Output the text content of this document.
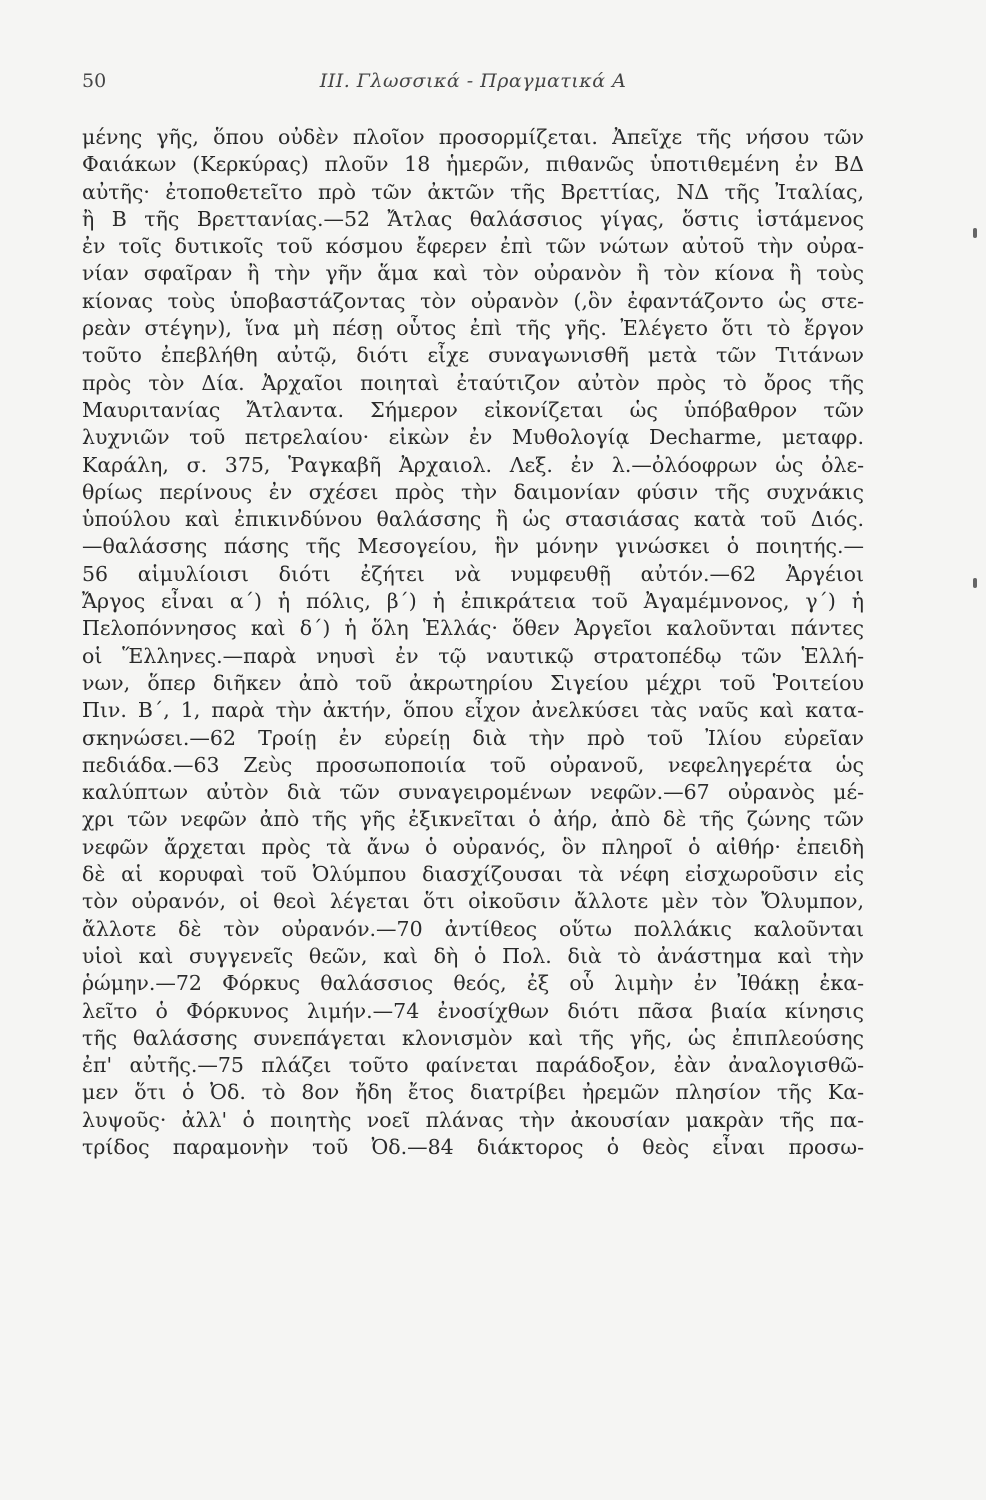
50	ΙΙΙ. Γλωσσικά - Πραγματικά Α
μένης γῆς, ὅπου οὐδὲν πλοῖον προσορμίζεται. Ἀπεῖχε τῆς νήσου τῶν
Φαιάκων (Κερκύρας) πλοῦν 18 ἡμερῶν, πιθανῶς ὑποτιθεμένη ἐν ΒΔ
αὐτῆς· ἐτοποθετεῖτο πρὸ τῶν ἀκτῶν τῆς Βρεττίας, ΝΔ τῆς Ἰταλίας,
ἢ Β τῆς Βρεττανίας.—52 Ἄτλας θαλάσσιος γίγας, ὅστις ἱστάμενος
ἐν τοῖς δυτικοῖς τοῦ κόσμου ἔφερεν ἐπὶ τῶν νώτων αὐτοῦ τὴν οὐρα-
νίαν σφαῖραν ἢ τὴν γῆν ἅμα καὶ τὸν οὐρανὸν ἢ τὸν κίονα ἢ τοὺς
κίονας τοὺς ὑποβαστάζοντας τὸν οὐρανὸν (,ὃν ἐφαντάζοντο ὡς στε-
ρεὰν στέγην), ἵνα μὴ πέσῃ οὗτος ἐπὶ τῆς γῆς. Ἐλέγετο ὅτι τὸ ἔργον
τοῦτο ἐπεβλήθη αὐτῷ, διότι εἶχε συναγωνισθῆ μετὰ τῶν Τιτάνων
πρὸς τὸν Δία. Ἀρχαῖοι ποιηταὶ ἐταύτιζον αὐτὸν πρὸς τὸ ὄρος τῆς
Μαυριτανίας Ἄτλαντα. Σήμερον εἰκονίζεται ὡς ὑπόβαθρον τῶν
λυχνιῶν τοῦ πετρελαίου· εἰκὼν ἐν Μυθολογίᾳ Decharme, μεταφρ.
Καράλη, σ. 375, Ῥαγκαβῆ Ἀρχαιολ. Λεξ. ἐν λ.—ὀλόοφρων ὡς ὀλε-
θρίως περίνους ἐν σχέσει πρὸς τὴν δαιμονίαν φύσιν τῆς συχνάκις
ὑπούλου καὶ ἐπικινδύνου θαλάσσης ἢ ὡς στασιάσας κατὰ τοῦ Διός.
—θαλάσσης πάσης τῆς Μεσογείου, ἣν μόνην γινώσκει ὁ ποιητής.—
56 αἱμυλίοισι διότι ἐζήτει νὰ νυμφευθῇ αὐτόν.—62 Ἀργέιοι
Ἄργος εἶναι α΄) ἡ πόλις, β΄) ἡ ἐπικράτεια τοῦ Ἀγαμέμνονος, γ΄) ἡ
Πελοπόννησος καὶ δ΄) ἡ ὅλη Ἑλλάς· ὅθεν Ἀργεῖοι καλοῦνται πάντες
οἱ Ἕλληνες.—παρὰ νηυσὶ ἐν τῷ ναυτικῷ στρατοπέδῳ τῶν Ἑλλή-
νων, ὅπερ διῆκεν ἀπὸ τοῦ ἀκρωτηρίου Σιγείου μέχρι τοῦ Ῥοιτείου
Πιν. Β΄, 1, παρὰ τὴν ἀκτήν, ὅπου εἶχον ἀνελκύσει τὰς ναῦς καὶ κατα-
σκηνώσει.—62 Τροίῃ ἐν εὐρείῃ διὰ τὴν πρὸ τοῦ Ἰλίου εὐρεῖαν
πεδιάδα.—63 Ζεὺς προσωποποιία τοῦ οὐρανοῦ, νεφεληγερέτα ὡς
καλύπτων αὐτὸν διὰ τῶν συναγειρομένων νεφῶν.—67 οὐρανὸς μέ-
χρι τῶν νεφῶν ἀπὸ τῆς γῆς ἐξικνεῖται ὁ ἀήρ, ἀπὸ δὲ τῆς ζώνης τῶν
νεφῶν ἄρχεται πρὸς τὰ ἄνω ὁ οὐρανός, ὃν πληροῖ ὁ αἰθήρ· ἐπειδὴ
δὲ αἱ κορυφαὶ τοῦ Ὀλύμπου διασχίζουσαι τὰ νέφη εἰσχωροῦσιν εἰς
τὸν οὐρανόν, οἱ θεοὶ λέγεται ὅτι οἰκοῦσιν ἄλλοτε μὲν τὸν Ὄλυμπον,
ἄλλοτε δὲ τὸν οὐρανόν.—70 ἀντίθεος οὕτω πολλάκις καλοῦνται
υἱοὶ καὶ συγγενεῖς θεῶν, καὶ δὴ ὁ Πολ. διὰ τὸ ἀνάστημα καὶ τὴν
ῥώμην.—72 Φόρκυς θαλάσσιος θεός, ἐξ οὗ λιμὴν ἐν Ἰθάκῃ ἐκα-
λεῖτο ὁ Φόρκυνος λιμήν.—74 ἐνοσίχθων διότι πᾶσα βιαία κίνησις
τῆς θαλάσσης συνεπάγεται κλονισμὸν καὶ τῆς γῆς, ὡς ἐπιπλεούσης
ἐπ' αὐτῆς.—75 πλάζει τοῦτο φαίνεται παράδοξον, ἐὰν ἀναλογισθῶ-
μεν ὅτι ὁ Ὀδ. τὸ 8ον ἤδη ἔτος διατρίβει ἠρεμῶν πλησίον τῆς Κα-
λυψοῦς· ἀλλ' ὁ ποιητὴς νοεῖ πλάνας τὴν ἀκουσίαν μακρὰν τῆς πα-
τρίδος παραμονὴν τοῦ Ὀδ.—84 διάκτορος ὁ θεὸς εἶναι προσω-
